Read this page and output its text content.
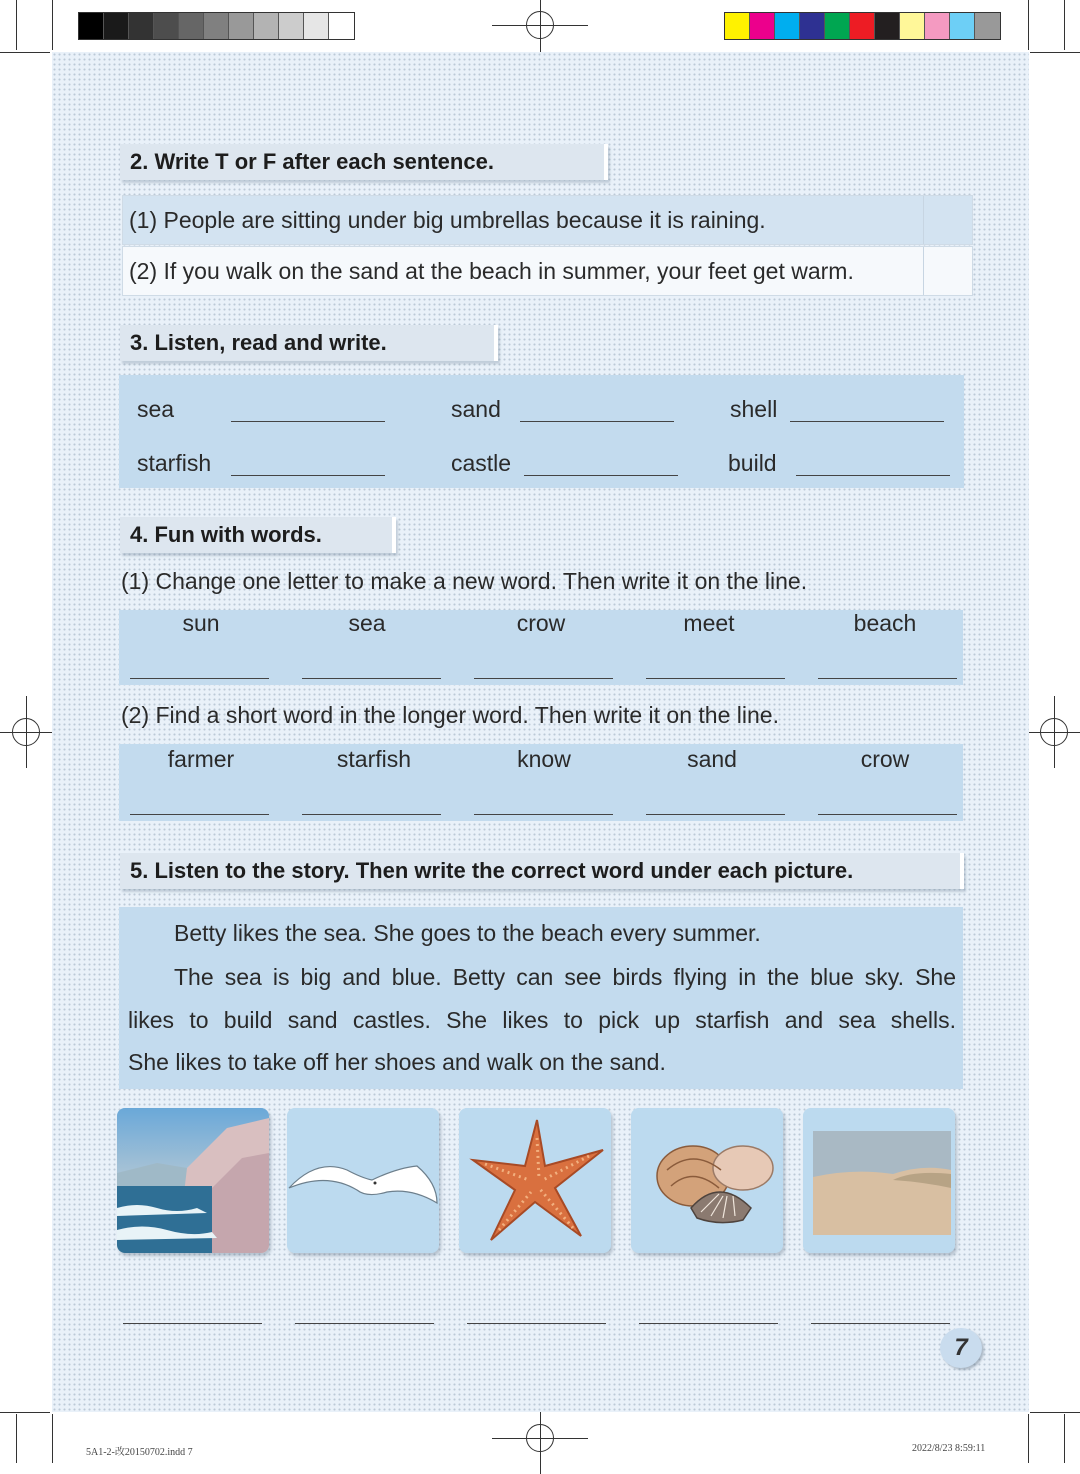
2. Write T or F after each sentence.
(1) People are sitting under big umbrellas because it is raining.
(2) If you walk on the sand at the beach in summer, your feet get warm.
3. Listen, read and write.
sea	sand	shell
starfish	castle	build
4. Fun with words.
(1) Change one letter to make a new word. Then write it on the line.
sun	sea	crow	meet	beach
(2) Find a short word in the longer word. Then write it on the line.
farmer	starfish	know	sand	crow
5. Listen to the story. Then write the correct word under each picture.
Betty likes the sea. She goes to the beach every summer.
The sea is big and blue. Betty can see birds flying in the blue sky. She
likes to build sand castles. She likes to pick up starfish and sea shells.
She likes to take off her shoes and walk on the sand.
7
5A1-2-改20150702.indd 7	2022/8/23 8:59:11
